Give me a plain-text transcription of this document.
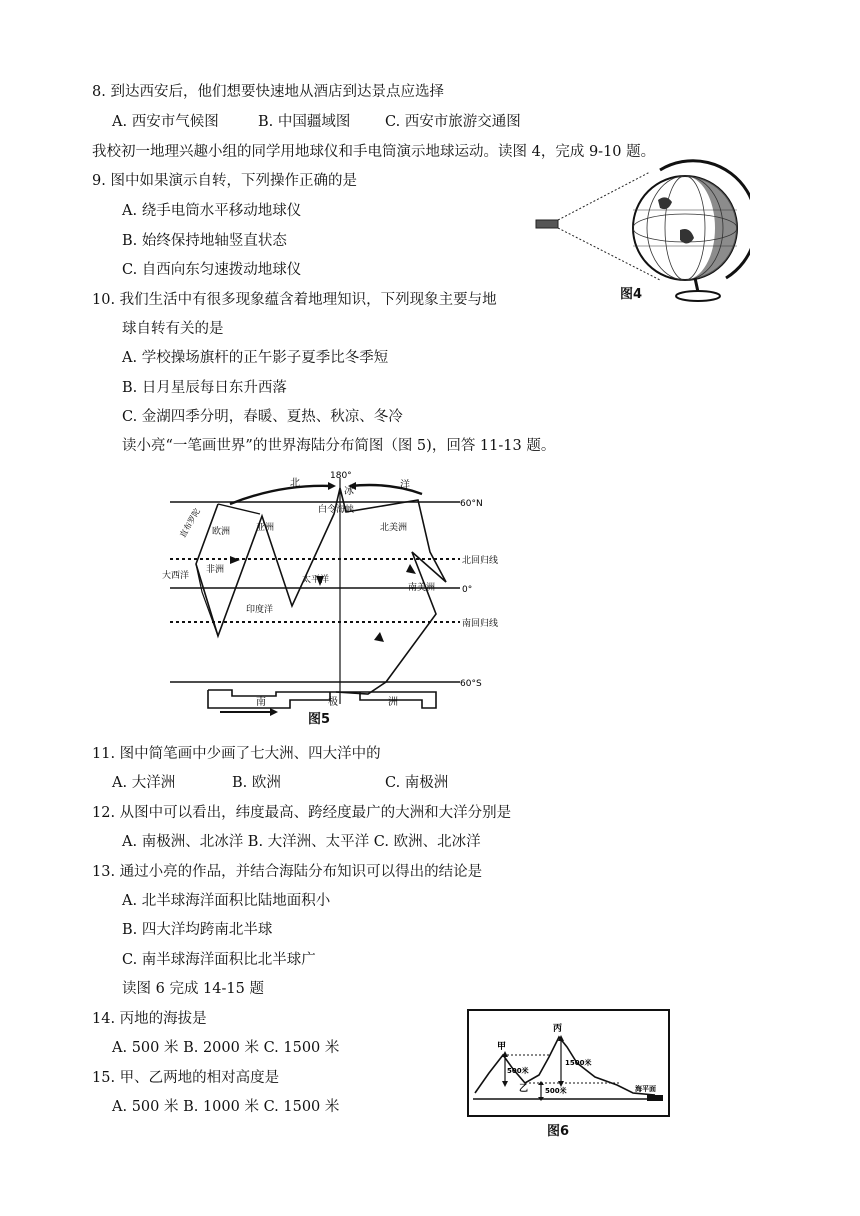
8. 到达西安后，他们想要快速地从酒店到达景点应选择
A. 西安市气候图	B. 中国疆域图 C. 西安市旅游交通图
我校初一地理兴趣小组的同学用地球仪和手电筒演示地球运动。读图 4，完成 9-10 题。
9. 图中如果演示自转，下列操作正确的是
A. 绕手电筒水平移动地球仪
B. 始终保持地轴竖直状态
C. 自西向东匀速拨动地球仪
10. 我们生活中有很多现象蕴含着地理知识，下列现象主要与地
球自转有关的是
A. 学校操场旗杆的正午影子夏季比冬季短
B. 日月星辰每日东升西落
C. 金湖四季分明，春暖、夏热、秋凉、冬冷
读小亮“一笔画世界”的世界海陆分布简图（图 5)，回答 11-13 题。
图4
180°
60°N
北回归线
0°
南回归线
60°S
北
冰
洋
白令海峡
欧洲	亚洲	北美洲
非洲
大西洋	太平洋
印度洋
南美洲
南	极	洲
直布罗陀
图5
11. 图中简笔画中少画了七大洲、四大洋中的
A. 大洋洲	B. 欧洲	C. 南极洲
12. 从图中可以看出，纬度最高、跨经度最广的大洲和大洋分别是
A. 南极洲、北冰洋 B. 大洋洲、太平洋 C. 欧洲、北冰洋
13. 通过小亮的作品，并结合海陆分布知识可以得出的结论是
A. 北半球海洋面积比陆地面积小
B. 四大洋均跨南北半球
C. 南半球海洋面积比北半球广
读图 6 完成 14-15 题
14. 丙地的海拔是
A. 500 米 B. 2000 米 C. 1500 米
15. 甲、乙两地的相对高度是
A. 500 米 B. 1000 米 C. 1500 米
甲
丙
乙
500米
1500米
500米	海平面
图6
